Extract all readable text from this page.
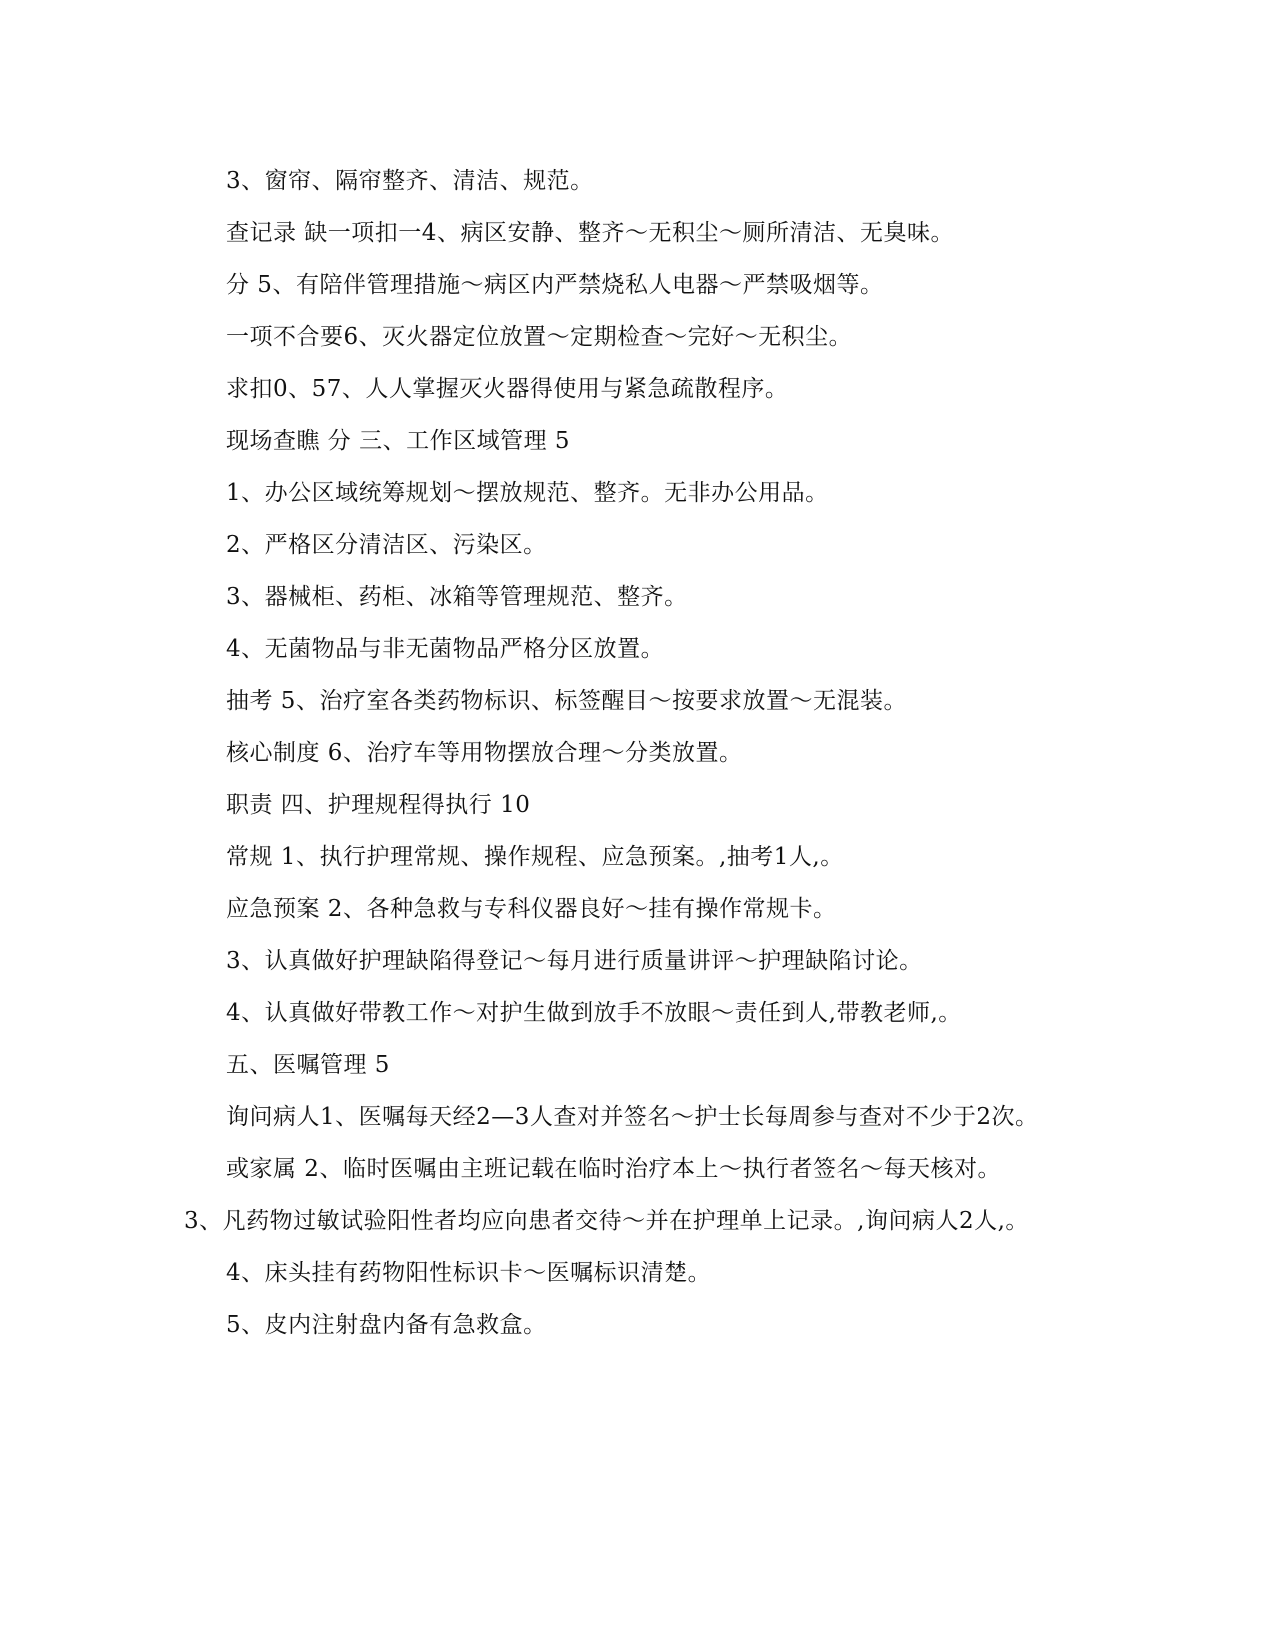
3、窗帘、隔帘整齐、清洁、规范。
查记录 缺一项扣一4、病区安静、整齐～无积尘～厕所清洁、无臭味。
分 5、有陪伴管理措施～病区内严禁烧私人电器～严禁吸烟等。
一项不合要6、灭火器定位放置～定期检查～完好～无积尘。
求扣0、57、人人掌握灭火器得使用与紧急疏散程序。
现场查瞧 分 三、工作区域管理 5
1、办公区域统筹规划～摆放规范、整齐。无非办公用品。
2、严格区分清洁区、污染区。
3、器械柜、药柜、冰箱等管理规范、整齐。
4、无菌物品与非无菌物品严格分区放置。
抽考 5、治疗室各类药物标识、标签醒目～按要求放置～无混装。
核心制度 6、治疗车等用物摆放合理～分类放置。
职责 四、护理规程得执行 10
常规 1、执行护理常规、操作规程、应急预案。,抽考1人,。
应急预案 2、各种急救与专科仪器良好～挂有操作常规卡。
3、认真做好护理缺陷得登记～每月进行质量讲评～护理缺陷讨论。
4、认真做好带教工作～对护生做到放手不放眼～责任到人,带教老师,。
五、医嘱管理 5
询问病人1、医嘱每天经2—3人查对并签名～护士长每周参与查对不少于2次。
或家属 2、临时医嘱由主班记载在临时治疗本上～执行者签名～每天核对。
3、凡药物过敏试验阳性者均应向患者交待～并在护理单上记录。,询问病人2人,。
4、床头挂有药物阳性标识卡～医嘱标识清楚。
5、皮内注射盘内备有急救盒。
